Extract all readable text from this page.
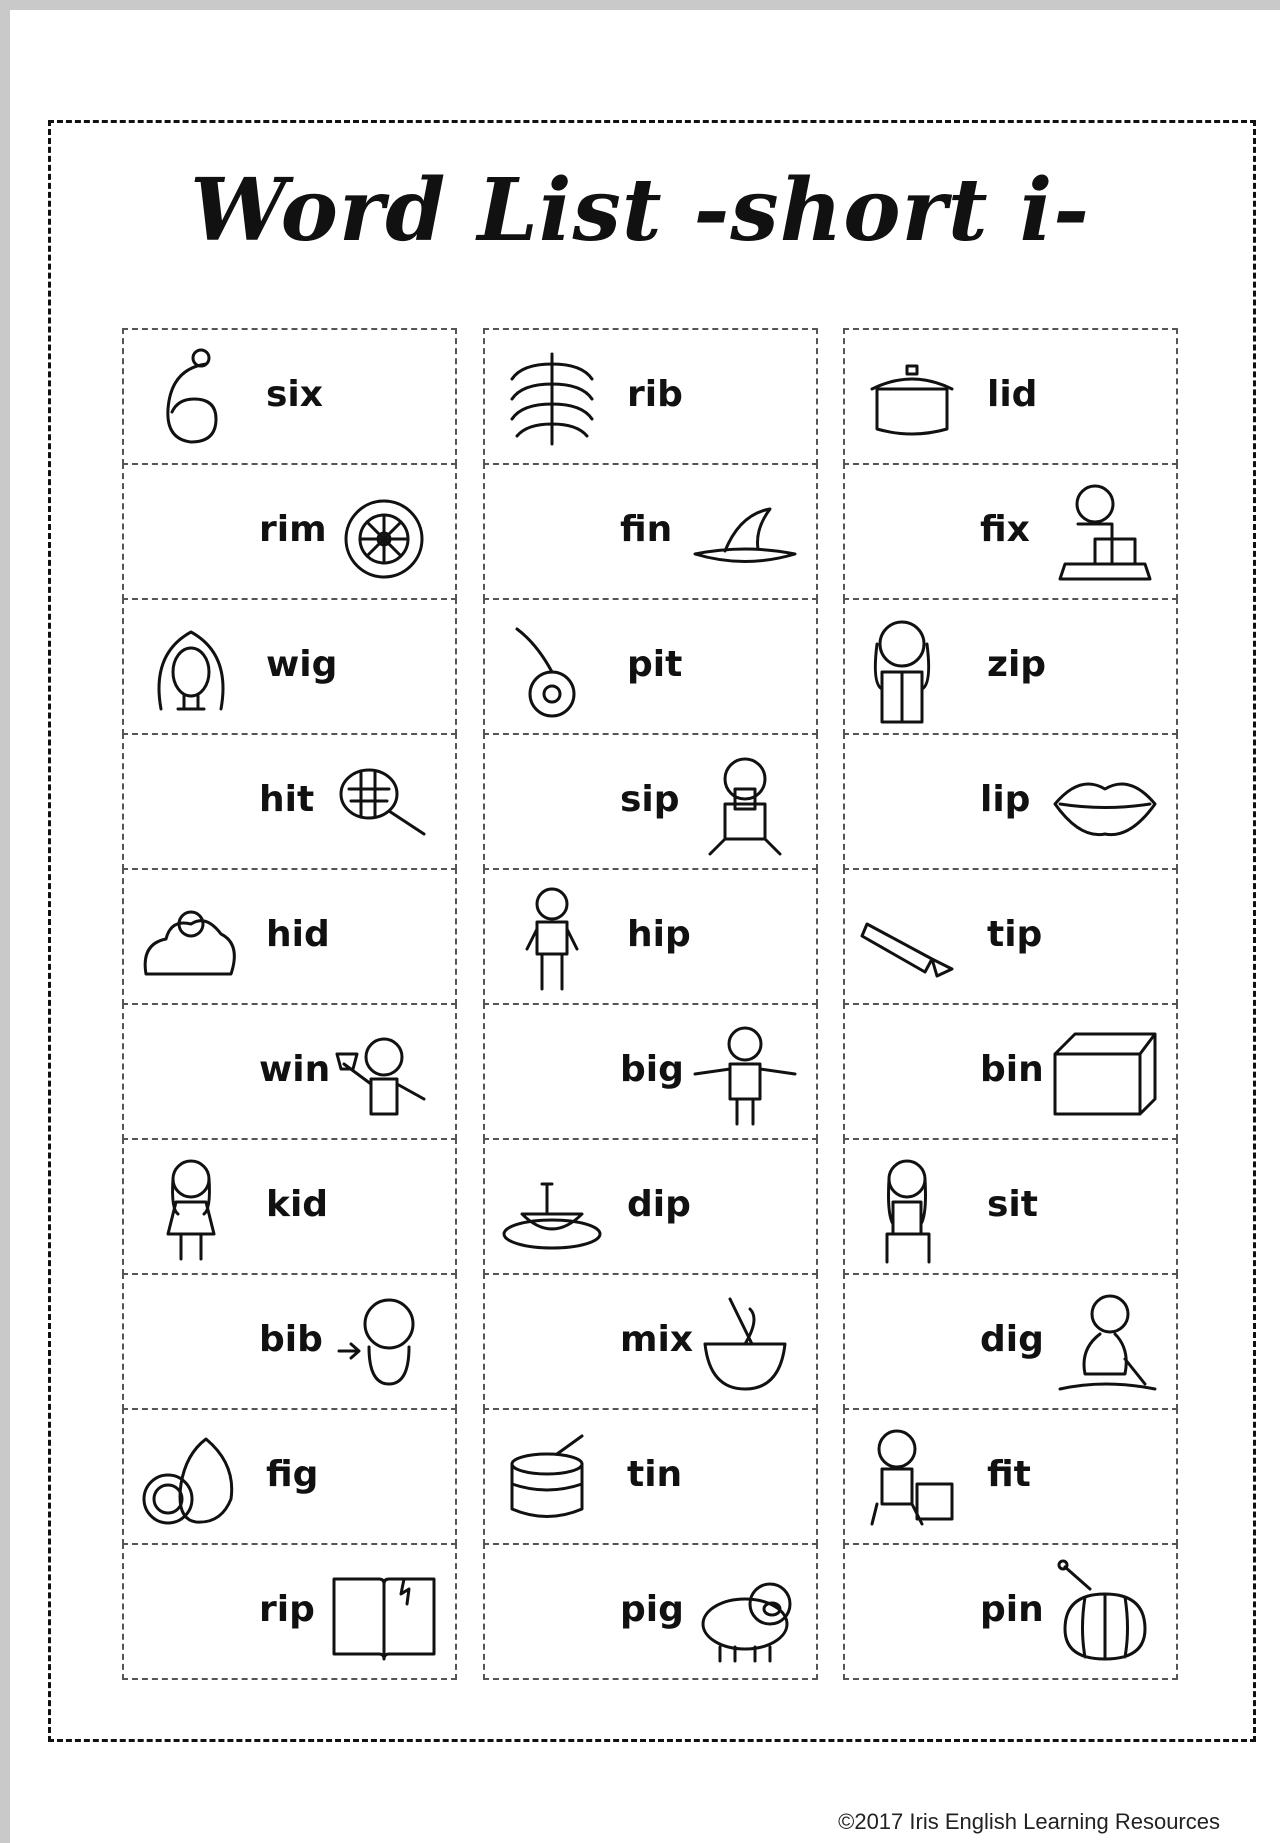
Word List -short i-
six
rim
wig
hit
hid
win
kid
bib
fig
rip
rib
fin
pit
sip
hip
big
dip
mix
tin
pig
lid
fix
zip
lip
tip
bin
sit
dig
fit
pin
©2017 Iris English Learning Resources
